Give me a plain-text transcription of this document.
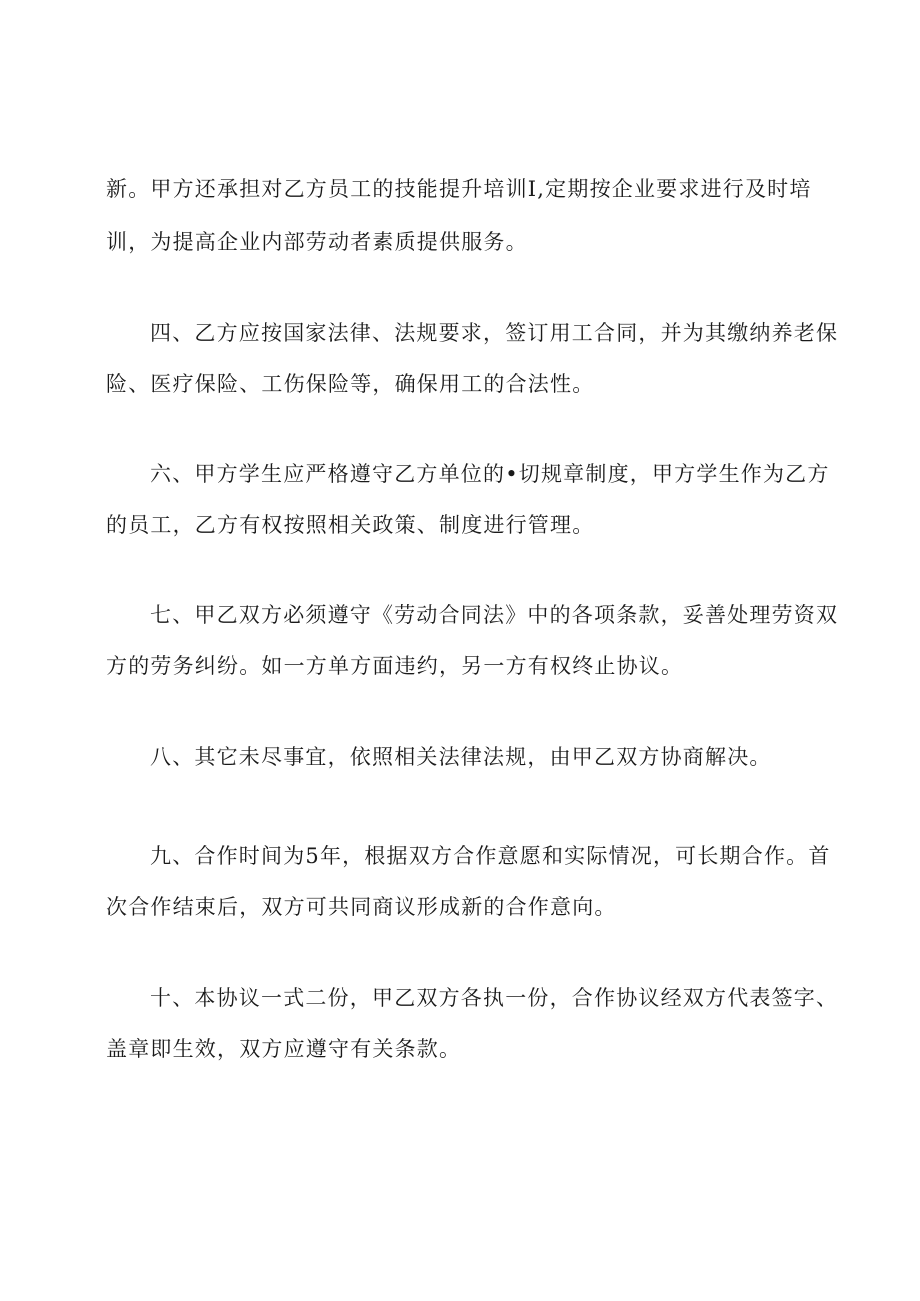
新。甲方还承担对乙方员工的技能提升培训I,定期按企业要求进行及时培
训，为提高企业内部劳动者素质提供服务。
四、乙方应按国家法律、法规要求，签订用工合同，并为其缴纳养老保
险、医疗保险、工伤保险等，确保用工的合法性。
六、甲方学生应严格遵守乙方单位的•切规章制度，甲方学生作为乙方
的员工，乙方有权按照相关政策、制度进行管理。
七、甲乙双方必须遵守《劳动合同法》中的各项条款，妥善处理劳资双
方的劳务纠纷。如一方单方面违约，另一方有权终止协议。
八、其它未尽事宜，依照相关法律法规，由甲乙双方协商解决。
九、合作时间为5年，根据双方合作意愿和实际情况，可长期合作。首
次合作结束后，双方可共同商议形成新的合作意向。
十、本协议一式二份，甲乙双方各执一份，合作协议经双方代表签字、
盖章即生效，双方应遵守有关条款。
